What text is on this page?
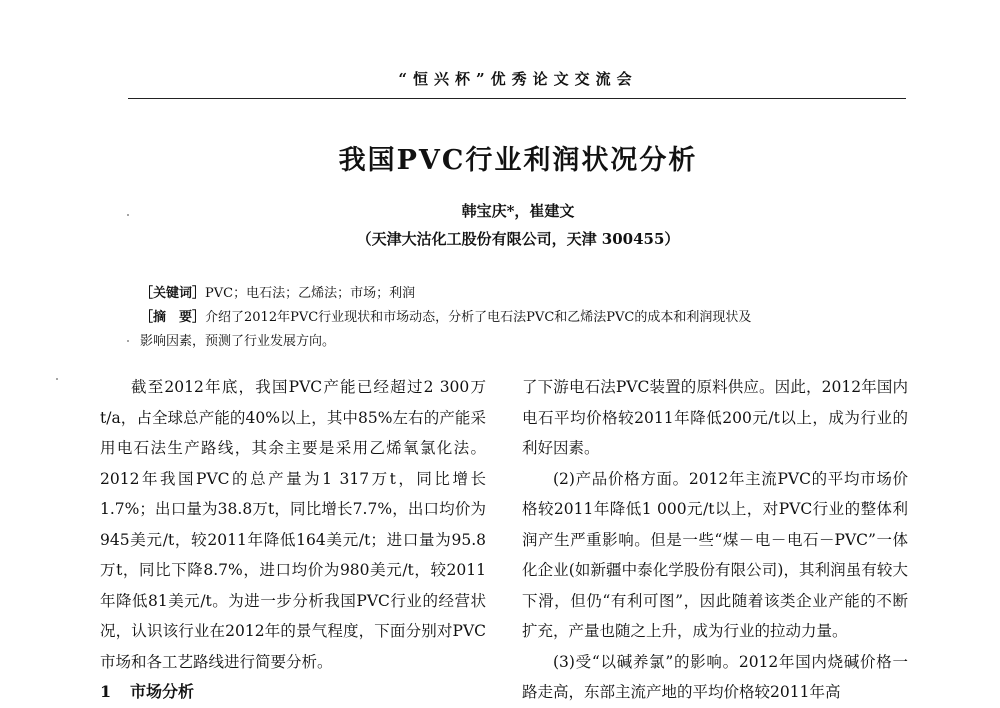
“恒兴杯”优秀论文交流会
我国PVC行业利润状况分析
韩宝庆*，崔建文
（天津大沽化工股份有限公司，天津 300455）
［关键词］PVC；电石法；乙烯法；市场；利润
［摘　要］介绍了2012年PVC行业现状和市场动态，分析了电石法PVC和乙烯法PVC的成本和利润现状及
影响因素，预测了行业发展方向。

截至2012年底，我国PVC产能已经超过2 300万t/a，占全球总产能的40%以上，其中85%左右的产能采用电石法生产路线，其余主要是采用乙烯氧氯化法。2012年我国PVC的总产量为1 317万t，同比增长1.7%；出口量为38.8万t，同比增长7.7%，出口均价为945美元/t，较2011年降低164美元/t；进口量为95.8万t，同比下降8.7%，进口均价为980美元/t，较2011年降低81美元/t。为进一步分析我国PVC行业的经营状况，认识该行业在2012年的景气程度，下面分别对PVC市场和各工艺路线进行简要分析。

1 市场分析

了下游电石法PVC装置的原料供应。因此，2012年国内电石平均价格较2011年降低200元/t以上，成为行业的利好因素。

(2)产品价格方面。2012年主流PVC的平均市场价格较2011年降低1 000元/t以上，对PVC行业的整体利润产生严重影响。但是一些“煤－电－电石－PVC”一体化企业(如新疆中泰化学股份有限公司)，其利润虽有较大下滑，但仍“有利可图”，因此随着该类企业产能的不断扩充，产量也随之上升，成为行业的拉动力量。

(3)受“以碱养氯”的影响。2012年国内烧碱价格一路走高，东部主流产地的平均价格较2011年高
